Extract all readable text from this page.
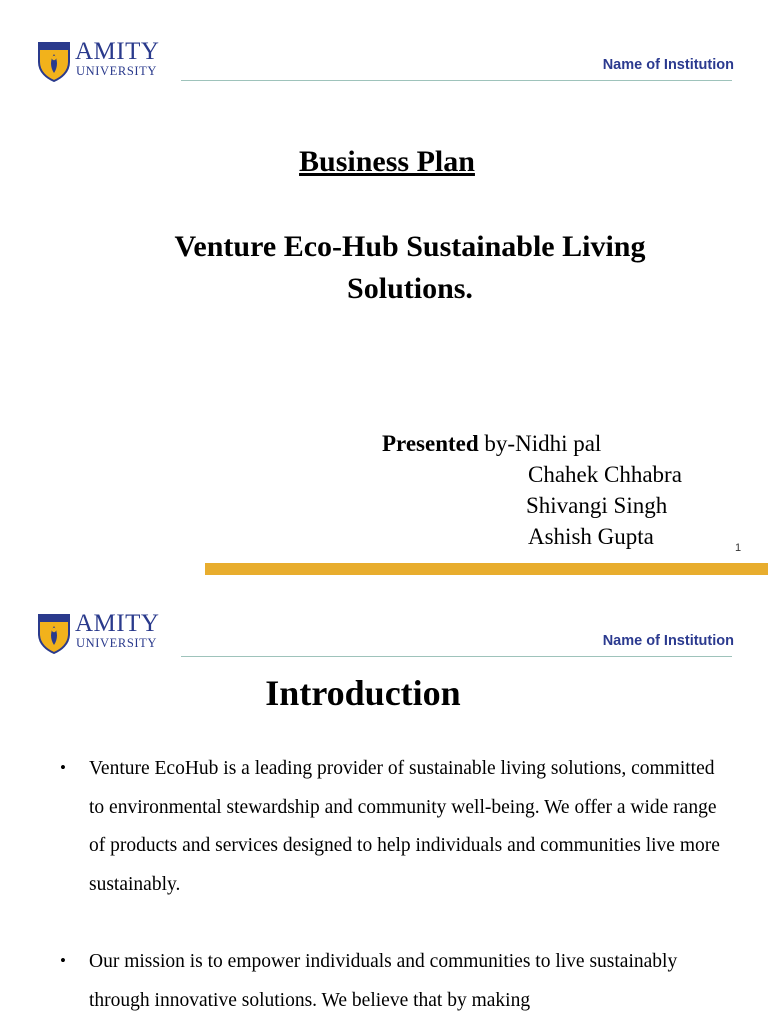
AMITY
UNIVERSITY	Name of Institution
Business Plan
Venture Eco-Hub Sustainable Living
Solutions.
Presented by-Nidhi pal
Chahek Chhabra
Shivangi Singh
Ashish Gupta	1
AMITY
UNIVERSITY	Name of Institution
Introduction
• Venture EcoHub is a leading provider of sustainable living solutions, committed to environmental stewardship and community well-being. We offer a wide range of products and services designed to help individuals and communities live more sustainably.
• Our mission is to empower individuals and communities to live sustainably through innovative solutions. We believe that by making
